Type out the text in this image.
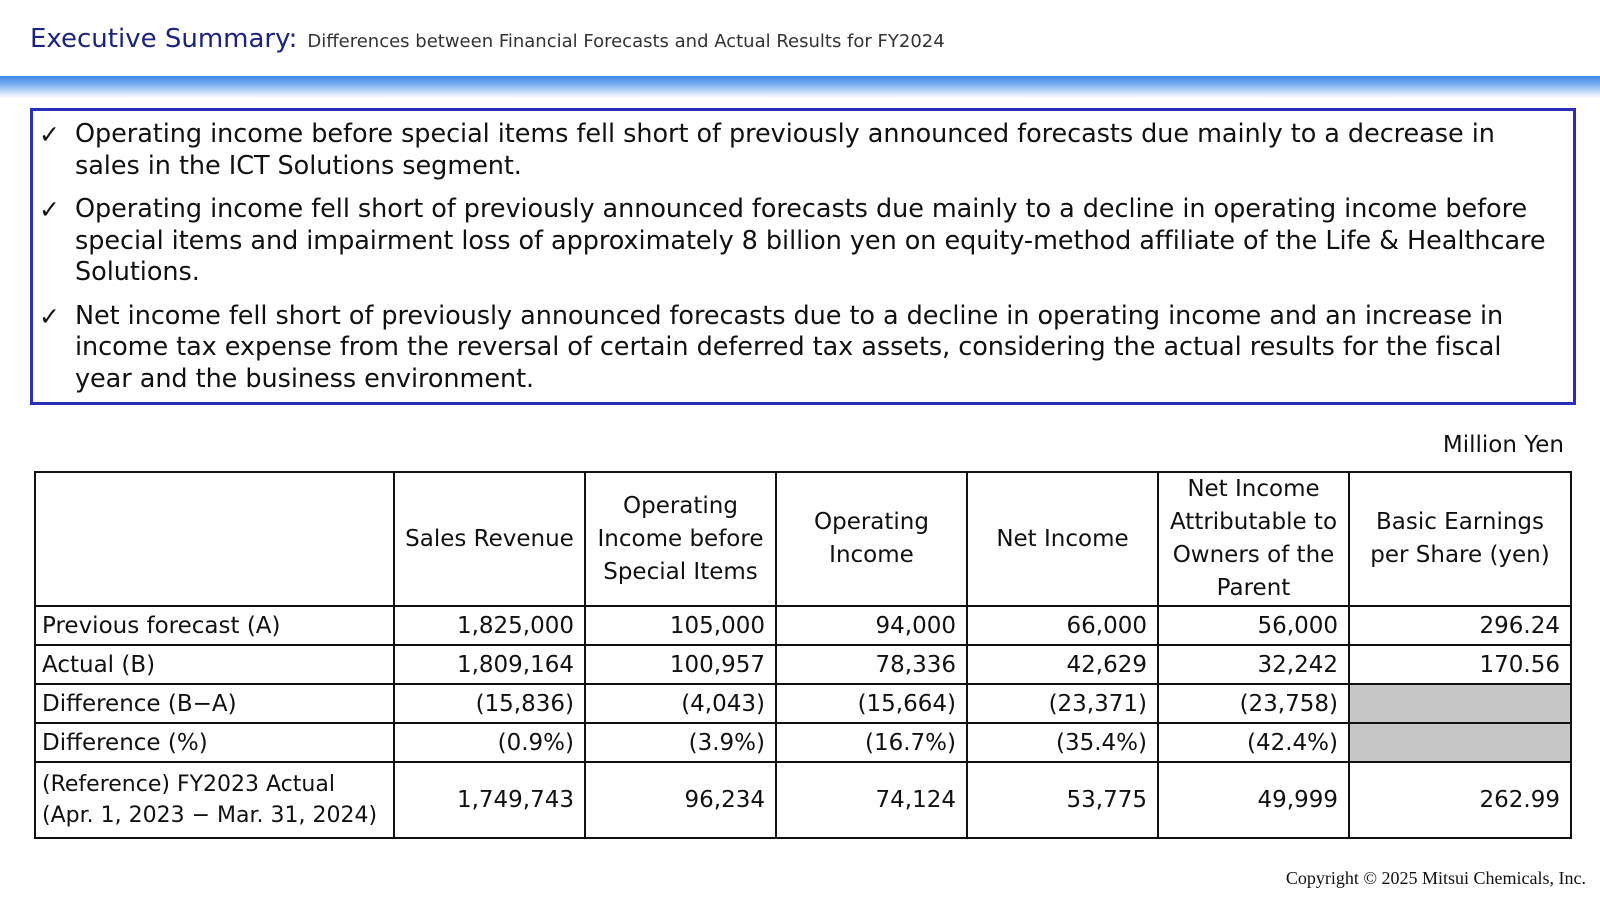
Executive Summary: Differences between Financial Forecasts and Actual Results for FY2024
✓ Operating income before special items fell short of previously announced forecasts due mainly to a decrease in sales in the ICT Solutions segment.
✓ Operating income fell short of previously announced forecasts due mainly to a decline in operating income before special items and impairment loss of approximately 8 billion yen on equity-method affiliate of the Life & Healthcare Solutions.
✓ Net income fell short of previously announced forecasts due to a decline in operating income and an increase in income tax expense from the reversal of certain deferred tax assets, considering the actual results for the fiscal year and the business environment.
Million Yen
	Sales Revenue	Operating Income before Special Items	Operating Income	Net Income	Net Income Attributable to Owners of the Parent	Basic Earnings per Share (yen)
Previous forecast (A)	1,825,000	105,000	94,000	66,000	56,000	296.24
Actual (B)	1,809,164	100,957	78,336	42,629	32,242	170.56
Difference (B−A)	(15,836)	(4,043)	(15,664)	(23,371)	(23,758)	
Difference (%)	(0.9%)	(3.9%)	(16.7%)	(35.4%)	(42.4%)	

(Reference) FY2023 Actual
(Apr. 1, 2023 − Mar. 31, 2024)	1,749,743	96,234	74,124	53,775	49,999	262.99
Copyright © 2025 Mitsui Chemicals, Inc.
